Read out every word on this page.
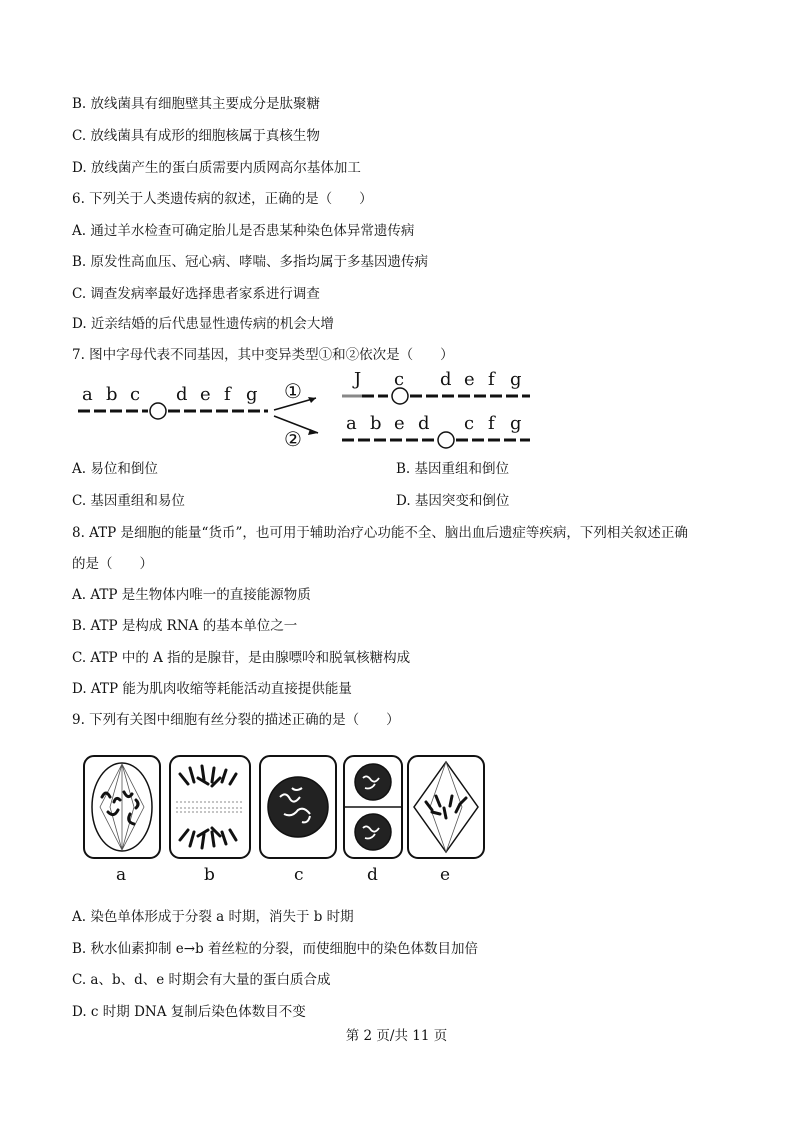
B. 放线菌具有细胞壁其主要成分是肽聚糖
C. 放线菌具有成形的细胞核属于真核生物
D. 放线菌产生的蛋白质需要内质网高尔基体加工
6. 下列关于人类遗传病的叙述，正确的是（　　）
A. 通过羊水检查可确定胎儿是否患某种染色体异常遗传病
B. 原发性高血压、冠心病、哮喘、多指均属于多基因遗传病
C. 调查发病率最好选择患者家系进行调查
D. 近亲结婚的后代患显性遗传病的机会大增
7. 图中字母代表不同基因，其中变异类型①和②依次是（　　）
a b c d e f g ①
②
J c d e f g
a b e d c f g
A. 易位和倒位	B. 基因重组和倒位
C. 基因重组和易位	D. 基因突变和倒位
8. ATP 是细胞的能量“货币”，也可用于辅助治疗心功能不全、脑出血后遗症等疾病，下列相关叙述正确
的是（　　）
A. ATP 是生物体内唯一的直接能源物质
B. ATP 是构成 RNA 的基本单位之一
C. ATP 中的 A 指的是腺苷，是由腺嘌呤和脱氧核糖构成
D. ATP 能为肌肉收缩等耗能活动直接提供能量
9. 下列有关图中细胞有丝分裂的描述正确的是（　　）
a	b	c	d	e
A. 染色单体形成于分裂 a 时期，消失于 b 时期
B. 秋水仙素抑制 e→b 着丝粒的分裂，而使细胞中的染色体数目加倍
C. a、b、d、e 时期会有大量的蛋白质合成
D. c 时期 DNA 复制后染色体数目不变
第 2 页/共 11 页
